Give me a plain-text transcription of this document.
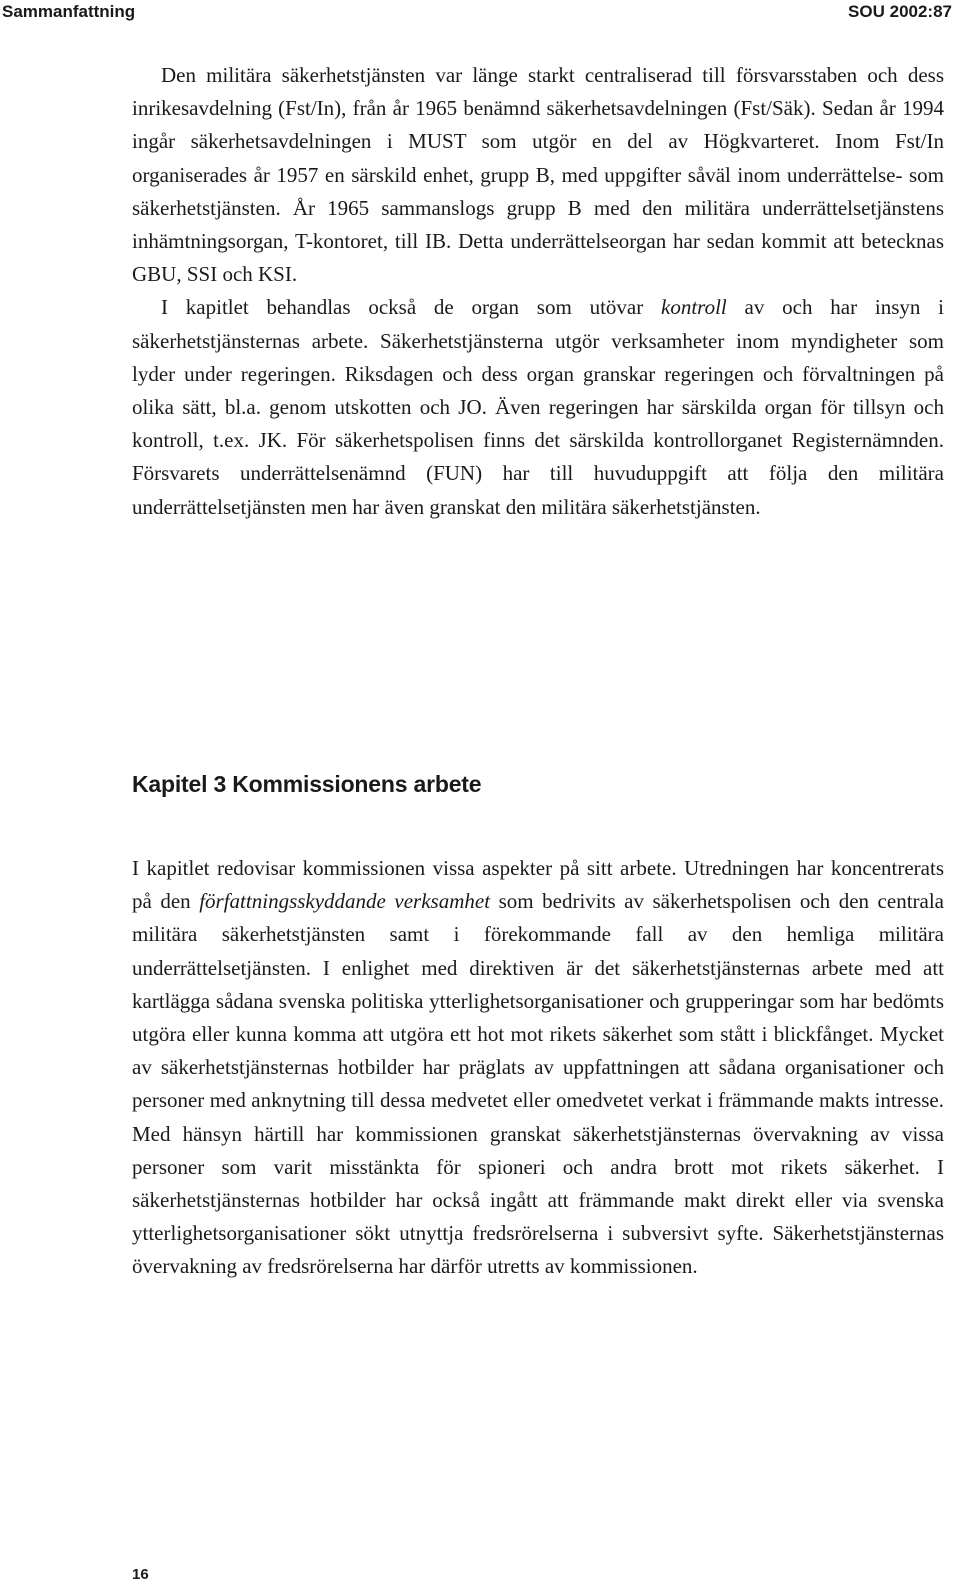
Sammanfattning	SOU 2002:87

Den militära säkerhetstjänsten var länge starkt centraliserad till försvarsstaben och dess inrikesavdelning (Fst/In), från år 1965 benämnd säkerhetsavdelningen (Fst/Säk). Sedan år 1994 ingår säkerhetsavdelningen i MUST som utgör en del av Högkvarteret. Inom Fst/In organiserades år 1957 en särskild enhet, grupp B, med uppgifter såväl inom underrättelse- som säkerhetstjänsten. År 1965 sammanslogs grupp B med den militära underrättelsetjänstens inhämtningsorgan, T-kontoret, till IB. Detta underrättelseorgan har sedan kommit att betecknas GBU, SSI och KSI.

I kapitlet behandlas också de organ som utövar kontroll av och har insyn i säkerhetstjänsternas arbete. Säkerhetstjänsterna utgör verksamheter inom myndigheter som lyder under regeringen. Riksdagen och dess organ granskar regeringen och förvaltningen på olika sätt, bl.a. genom utskotten och JO. Även regeringen har särskilda organ för tillsyn och kontroll, t.ex. JK. För säkerhetspolisen finns det särskilda kontrollorganet Registernämnden. Försvarets underrättelsenämnd (FUN) har till huvuduppgift att följa den militära underrättelsetjänsten men har även granskat den militära säkerhetstjänsten.

Kapitel 3 Kommissionens arbete

I kapitlet redovisar kommissionen vissa aspekter på sitt arbete. Utredningen har koncentrerats på den författningsskyddande verksamhet som bedrivits av säkerhetspolisen och den centrala militära säkerhetstjänsten samt i förekommande fall av den hemliga militära underrättelsetjänsten. I enlighet med direktiven är det säkerhetstjänsternas arbete med att kartlägga sådana svenska politiska ytterlighetsorganisationer och grupperingar som har bedömts utgöra eller kunna komma att utgöra ett hot mot rikets säkerhet som stått i blickfånget. Mycket av säkerhetstjänsternas hotbilder har präglats av uppfattningen att sådana organisationer och personer med anknytning till dessa medvetet eller omedvetet verkat i främmande makts intresse. Med hänsyn härtill har kommissionen granskat säkerhetstjänsternas övervakning av vissa personer som varit misstänkta för spioneri och andra brott mot rikets säkerhet. I säkerhetstjänsternas hotbilder har också ingått att främmande makt direkt eller via svenska ytterlighetsorganisationer sökt utnyttja fredsrörelserna i subversivt syfte. Säkerhetstjänsternas övervakning av fredsrörelserna har därför utretts av kommissionen.

16
